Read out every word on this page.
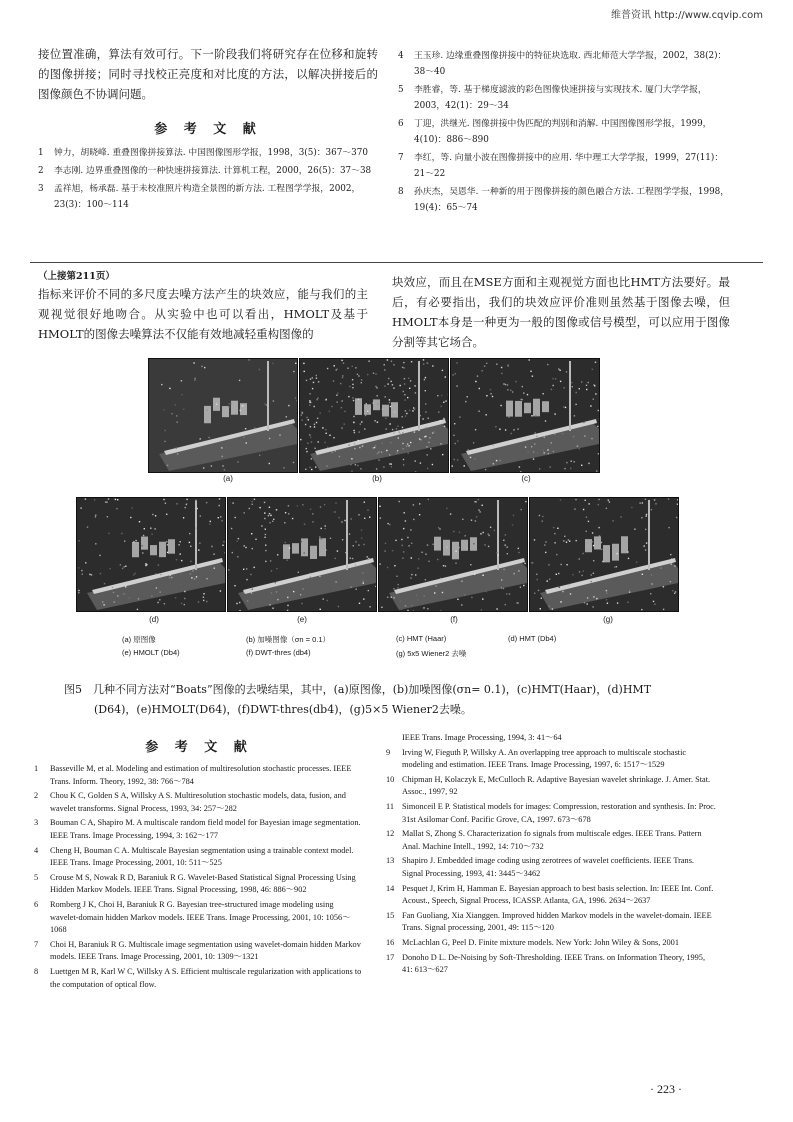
维普资讯 http://www.cqvip.com
接位置准确，算法有效可行。下一阶段我们将研究存在位移和旋转的图像拼接；同时寻找校正亮度和对比度的方法，以解决拼接后的图像颜色不协调问题。
参 考 文 献
1 钟力，胡晓峰. 重叠图像拼接算法. 中国图像图形学报，1998，3(5)：367～370
2 李志刚. 边界重叠图像的一种快速拼接算法. 计算机工程，2000，26(5)：37～38
3 孟祥旭，杨承磊. 基于未校准照片构造全景图的新方法. 工程图学学报，2002，23(3)：100～114
4 王玉珍. 边缘重叠图像拼接中的特征块选取. 西北师范大学学报，2002，38(2)：38～40
5 李胜睿，等. 基于梯度滤波的彩色图像快速拼接与实现技术. 厦门大学学报，2003，42(1)：29～34
6 丁迎，洪继光. 图像拼接中伪匹配的判别和消解. 中国图像图形学报，1999，4(10)：886～890
7 李红，等. 向量小波在图像拼接中的应用. 华中理工大学学报，1999，27(11)：21～22
8 孙庆杰，吴恩华. 一种新的用于图像拼接的颜色融合方法. 工程图学学报，1998，19(4)：65～74
（上接第211页）
指标来评价不同的多尺度去噪方法产生的块效应，能与我们的主观视觉很好地吻合。从实验中也可以看出，HMOLT及基于HMOLT的图像去噪算法不仅能有效地减轻重构图像的
块效应，而且在MSE方面和主观视觉方面也比HMT方法要好。最后，有必要指出，我们的块效应评价准则虽然基于图像去噪，但HMOLT本身是一种更为一般的图像或信号模型，可以应用于图像分割等其它场合。
(a)	(b)	(c)
(d)	(e)	(f)	(g)
(a) 原图像	(b) 加噪图像（σn = 0.1）	(c) HMT (Haar)	(d) HMT (Db4)
(e) HMOLT (Db4)	(f) DWT-thres (db4)	(g) 5x5 Wiener2 去噪
图5　几种不同方法对“Boats”图像的去噪结果，其中，(a)原图像，(b)加噪图像(σn= 0.1)，(c)HMT(Haar)，(d)HMT
(D64)，(e)HMOLT(D64)，(f)DWT-thres(db4)，(g)5×5 Wiener2去噪。
参 考 文 献
1 Basseville M, et al. Modeling and estimation of multiresolution stochastic processes. IEEE Trans. Inform. Theory, 1992, 38: 766～784
2 Chou K C, Golden S A, Willsky A S. Multiresolution stochastic models, data, fusion, and wavelet transforms. Signal Process, 1993, 34: 257～282
3 Bouman C A, Shapiro M. A multiscale random field model for Bayesian image segmentation. IEEE Trans. Image Processing, 1994, 3: 162～177
4 Cheng H, Bouman C A. Multiscale Bayesian segmentation using a trainable context model. IEEE Trans. Image Processing, 2001, 10: 511～525
5 Crouse M S, Nowak R D, Baraniuk R G. Wavelet-Based Statistical Signal Processing Using Hidden Markov Models. IEEE Trans. Signal Processing, 1998, 46: 886～902
6 Romberg J K, Choi H, Baraniuk R G. Bayesian tree-structured image modeling using wavelet-domain hidden Markov models. IEEE Trans. Image Processing, 2001, 10: 1056～1068
7 Choi H, Baraniuk R G. Multiscale image segmentation using wavelet-domain hidden Markov models. IEEE Trans. Image Processing, 2001, 10: 1309～1321
8 Luettgen M R, Karl W C, Willsky A S. Efficient multiscale regularization with applications to the computation of optical flow.
IEEE Trans. Image Processing, 1994, 3: 41～64
9 Irving W, Fieguth P, Willsky A. An overlapping tree approach to multiscale stochastic modeling and estimation. IEEE Trans. Image Processing, 1997, 6: 1517～1529
10 Chipman H, Kolaczyk E, McCulloch R. Adaptive Bayesian wavelet shrinkage. J. Amer. Stat. Assoc., 1997, 92
11 Simonceil E P. Statistical models for images: Compression, restoration and synthesis. In: Proc. 31st Asilomar Conf. Pacific Grove, CA, 1997. 673～678
12 Mallat S, Zhong S. Characterization fo signals from multiscale edges. IEEE Trans. Pattern Anal. Machine Intell., 1992, 14: 710～732
13 Shapiro J. Embedded image coding using zerotrees of wavelet coefficients. IEEE Trans. Signal Processing, 1993, 41: 3445～3462
14 Pesquet J, Krim H, Hamman E. Bayesian approach to best basis selection. In: IEEE Int. Conf. Acoust., Speech, Signal Process, ICASSP. Atlanta, GA, 1996. 2634～2637
15 Fan Guoliang, Xia Xianggen. Improved hidden Markov models in the wavelet-domain. IEEE Trans. Signal processing, 2001, 49: 115～120
16 McLachlan G, Peel D. Finite mixture models. New York: John Wiley & Sons, 2001
17 Donoho D L. De-Noising by Soft-Thresholding. IEEE Trans. on Information Theory, 1995, 41: 613～627
· 223 ·
